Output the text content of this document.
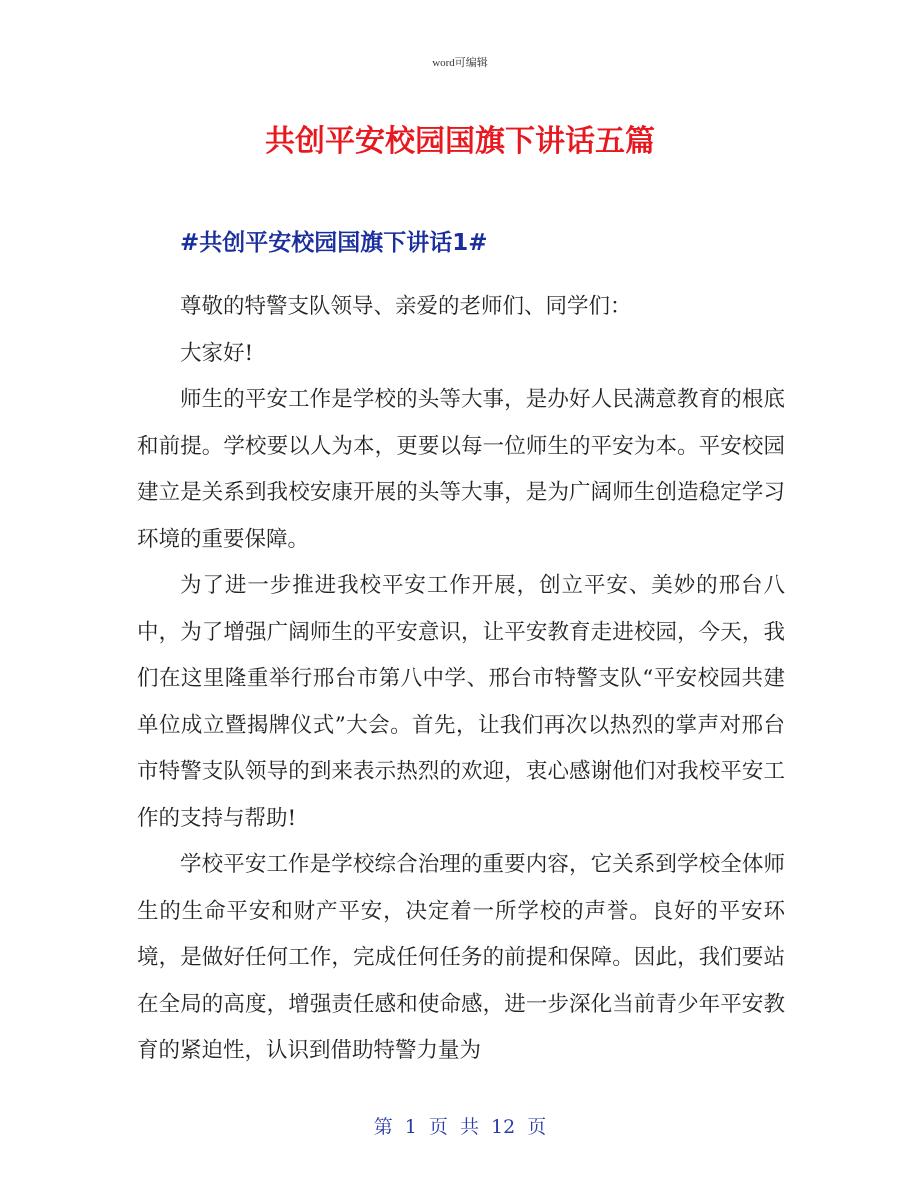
word可编辑
共创平安校园国旗下讲话五篇
#共创平安校园国旗下讲话1#

尊敬的特警支队领导、亲爱的老师们、同学们：

大家好!

师生的平安工作是学校的头等大事，是办好人民满意教育的根底和前提。学校要以人为本，更要以每一位师生的平安为本。平安校园建立是关系到我校安康开展的头等大事，是为广阔师生创造稳定学习环境的重要保障。

为了进一步推进我校平安工作开展，创立平安、美妙的邢台八中，为了增强广阔师生的平安意识，让平安教育走进校园，今天，我们在这里隆重举行邢台市第八中学、邢台市特警支队“平安校园共建单位成立暨揭牌仪式”大会。首先，让我们再次以热烈的掌声对邢台市特警支队领导的到来表示热烈的欢迎，衷心感谢他们对我校平安工作的支持与帮助!

学校平安工作是学校综合治理的重要内容，它关系到学校全体师生的生命平安和财产平安，决定着一所学校的声誉。良好的平安环境，是做好任何工作，完成任何任务的前提和保障。因此，我们要站在全局的高度，增强责任感和使命感，进一步深化当前青少年平安教育的紧迫性，认识到借助特警力量为

第 1 页 共 12 页
